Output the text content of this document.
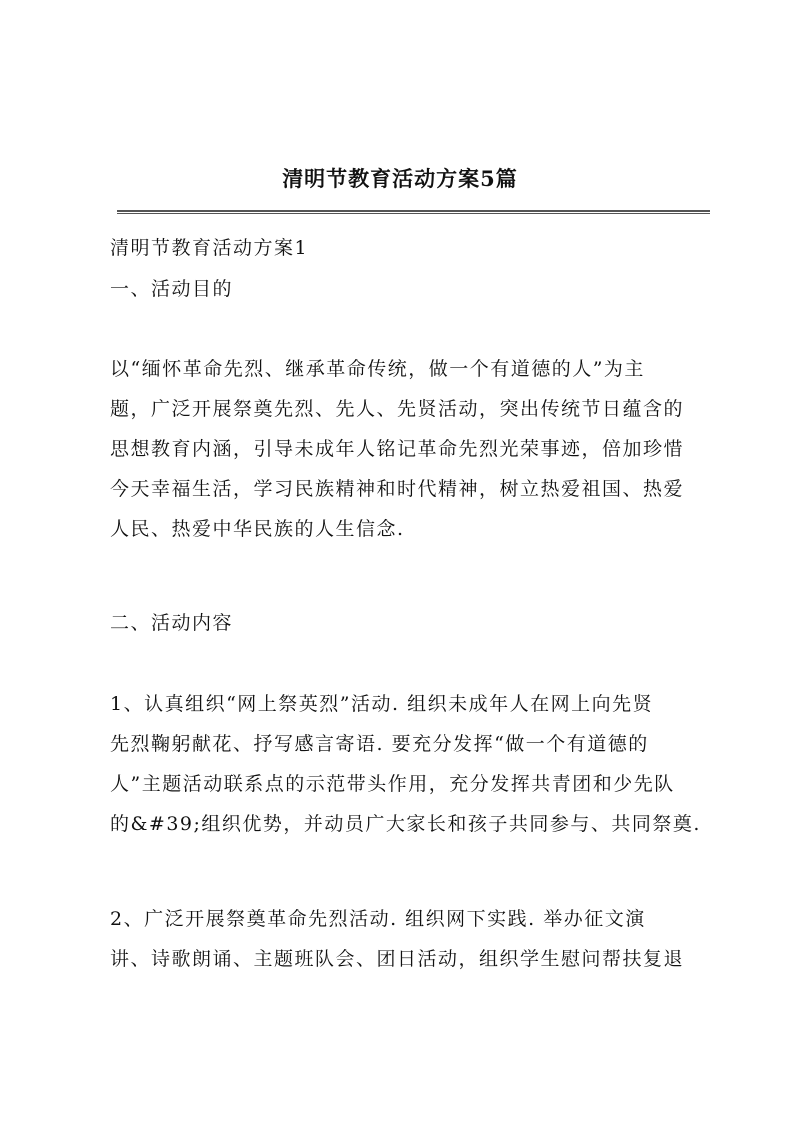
清明节教育活动方案5篇
清明节教育活动方案1
一、活动目的
以“缅怀革命先烈、继承革命传统，做一个有道德的人”为主
题，广泛开展祭奠先烈、先人、先贤活动，突出传统节日蕴含的
思想教育内涵，引导未成年人铭记革命先烈光荣事迹，倍加珍惜
今天幸福生活，学习民族精神和时代精神，树立热爱祖国、热爱
人民、热爱中华民族的人生信念.
二、活动内容
1、认真组织“网上祭英烈”活动. 组织未成年人在网上向先贤
先烈鞠躬献花、抒写感言寄语. 要充分发挥“做一个有道德的
人”主题活动联系点的示范带头作用，充分发挥共青团和少先队
的&#39;组织优势，并动员广大家长和孩子共同参与、共同祭奠.
2、广泛开展祭奠革命先烈活动. 组织网下实践. 举办征文演
讲、诗歌朗诵、主题班队会、团日活动，组织学生慰问帮扶复退
